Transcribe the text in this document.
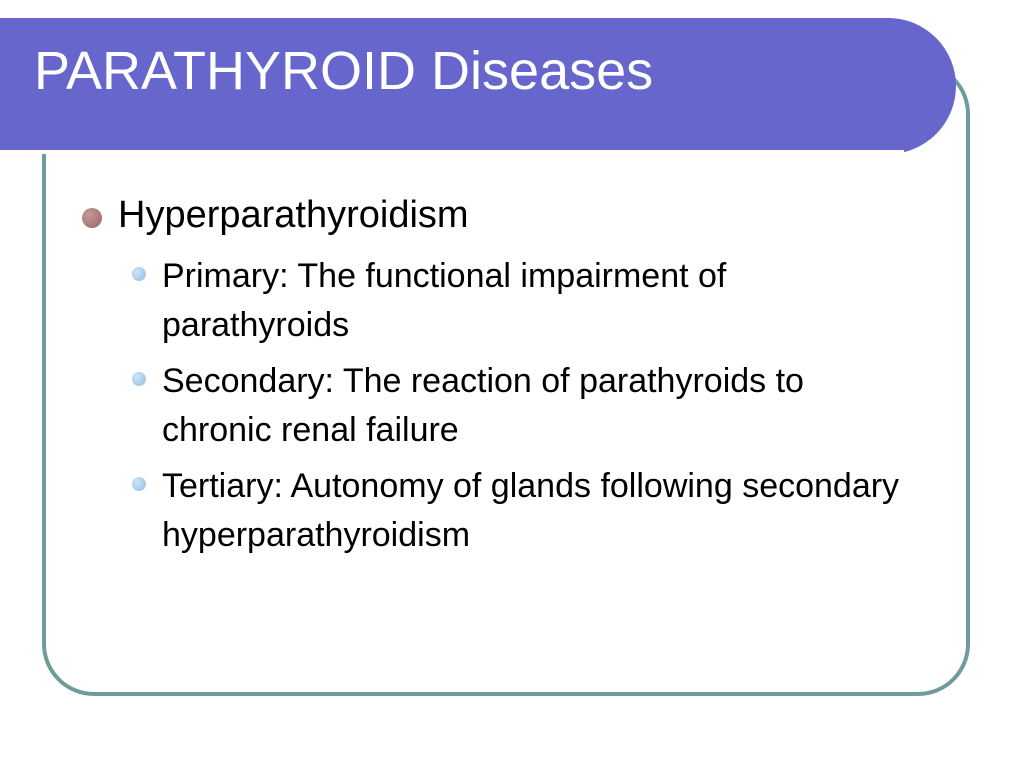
PARATHYROID Diseases
Hyperparathyroidism
Primary: The functional impairment of parathyroids
Secondary: The reaction of parathyroids to chronic renal failure
Tertiary: Autonomy of glands following secondary hyperparathyroidism
